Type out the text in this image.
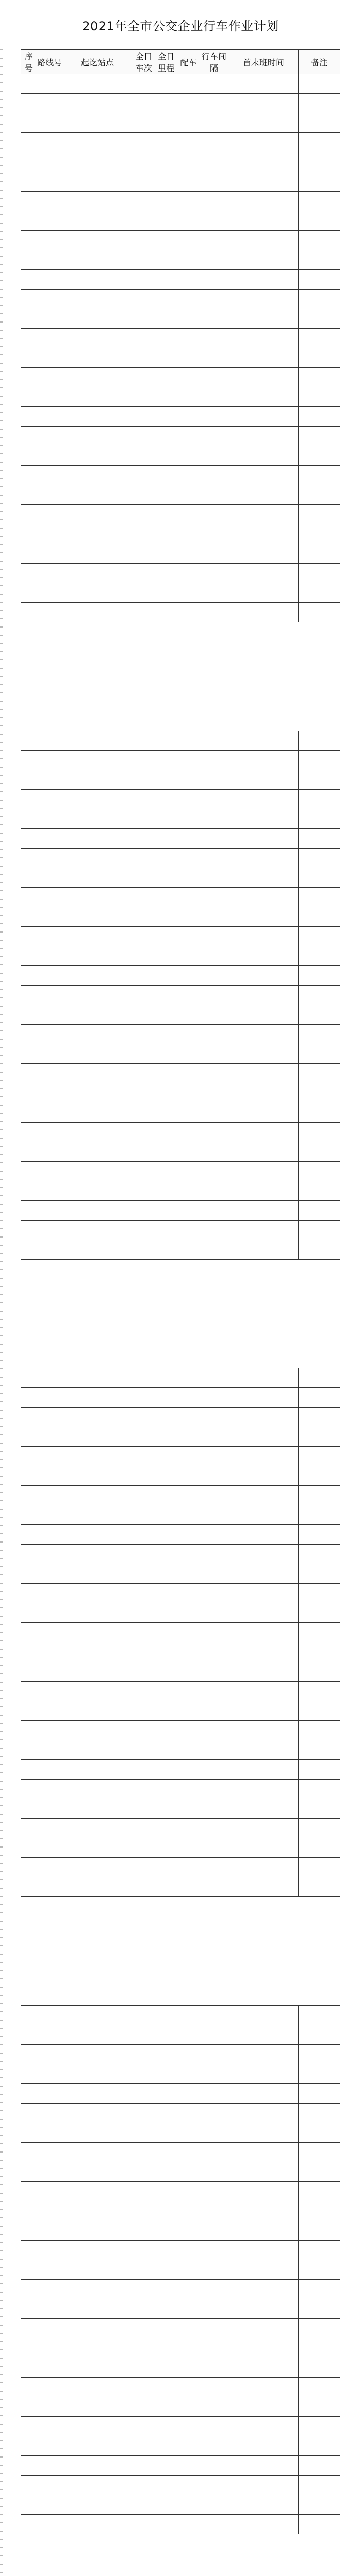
2021年全市公交企业行车作业计划
序号	路线号	起讫站点	全日车次	全日里程	配车	行车间隔	首末班时间	备注
